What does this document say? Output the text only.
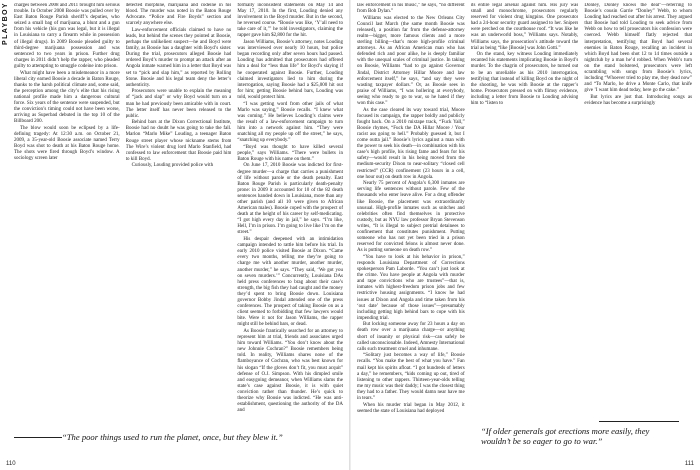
PLAYBOY charges between 2008 and 2011 brought him serious trouble. In October 2008 Boosie was pulled over by East Baton Rouge Parish sheriff’s deputies, who seized a small bag of marijuana, a blunt and a gun from his vehicle (his gun was legal, but it is illegal in Louisiana to carry a firearm while in possession of illegal drugs). In 2009 Boosie pleaded guilty to third-degree marijuana possession and was sentenced to two years in prison. Further drug charges in 2011 didn’t help the rapper, who pleaded guilty to attempting to smuggle codeine into prison.

What might have been a misdemeanor in a more liberal city earned Boosie a decade in Baton Rouge, thanks to the harsh political climate and, some said, the perception among the city’s elite that his rising national profile made him a dangerous cultural force. Six years of the sentence were suspended, but the conviction’s timing could not have been worse, arriving as Superbad debuted in the top 10 of the Billboard 200.

The blow would soon be eclipsed by a life-defining tragedy: At 12:30 a.m. on October 21, 2009, a 35-year-old Boosie associate named Terry Boyd was shot to death at his Baton Rouge home. The shots were fired through Boyd’s window. A sociology screen later

detected morphine, marijuana and codeine in his blood. The murder was noted in the Baton Rouge Advocate. “Police and Fire Boyds” section and scarcely anywhere else.

Law-enforcement officials claimed to have no leads, but behind the scenes they pointed at Boosie, perhaps the unlikeliest suspect—he and Boyd were family, as Boosie has a daughter with Boyd’s sister. During the trial, prosecutors alleged Boosie had ordered Boyd’s murder to prompt an attack after an Angola inmate warned him in a letter that Boyd was set to “pick and slap him,” as reported by Rolling Stone. Boosie and his legal team deny the letter’s authenticity.

Prosecutors were unable to explain the meaning of “jack and slap” or why Boyd would turn on a man he had previously been amicable with in court. The letter itself has never been released to the public.

Behind bars at the Dixon Correctional Institute, Boosie had no doubt he was going to take the fall. Marlon “Marlo Mike” Louding, a teenager Baton Rouge street player whose nickname stems from The Wire’s violent drug lord Marlo Stanfield, had confessed to law enforcement that Boosie paid him to kill Boyd.

Curiously, Louding provided police with

formally inconsistent statements on May 14 and May 17, 2010. In the first, Louding denied any involvement in the Boyd murder. But in the second, he reversed course. “Boosie was like, ‘Y’all need to take care of it,’” he told investigators, claiming the rapper gave him $2,800 for the hit.

Jason Williams, Boosie’s attorney, notes Louding was interviewed over nearly 10 hours, but police began recording only after seven hours had passed. Louding has admitted that prosecutors had offered him a deal for “less than life” for Boyd’s slaying if he cooperated against Boosie. Further, Louding claimed investigators lied to him during the interrogation, saying Boosie had a $25,000 hit out for him; getting Boosie behind bars, Louding was told, would protect him.

“I was getting word from other jails of what Marlo was saying,” Boosie recalls. “I knew what was coming.” He believes Louding’s claims were the result of a law-enforcement campaign to turn him into a network against him. “They were snatching all my people up off the street,” he says, “snatching up everybody.”

“Boyd was thought to have killed several people,” says Williams. “There were bullets in Baton Rouge with his name on them.”

On June 17, 2010 Boosie was indicted for first-degree murder—a charge that carries a punishment of life without parole or the death penalty. East Baton Rouge Parish is particularly death-penalty prone: in 2009 it accounted for 10 of the 82 death sentences handed down in Louisiana, more than any other parish (and all 10 were given to African American males). Boosie coped with the prospect of death at the height of his career by self-medicating. “I got high every day in jail,” he says. “I’m like, Hell, I’m in prison. I’m going to live like I’m on the street.”

His despair deepened with an intimidation campaign intended to rattle him before his trial. In early 2010 police visited Boosie at Dixon. “Came every two months, telling me they’re going to charge me with another murder, another murder, another murder,” he says. “They said, ‘We got you on seven murders.’” Concurrently, Louisiana DAs held press conferences to brag about their case’s strength, the big fish they had caught and the money they’d spent to bring Boosie down. Louisiana governor Bobby Jindal attended one of the press conferences. The prospect of taking Boosie on as a client seemed to forbidding that few lawyers would bite. Were it not for Jason Williams, the rapper might still be behind bars, or dead.

As Boosie frantically searched for an attorney to represent him at trial, friends and associates urged him toward Williams. “You don’t know about the new Johnnie Cochran?” Boosie remembers being told. In reality, Williams shares none of the flamboyance of Cochran, who was best known for his slogan “If the gloves don’t fit, you must acquit” defense of O.J. Simpson. With his dimpled smile and easygoing demeanor, when Williams slams the state’s case against Boosie, it is with quiet conviction rather than thunder. He’s quick to theorize why Boosie was indicted. “He was anti-establishment, questioning the authority of the DA and

“The poor things used to run the planet, once, but they blew it.”
110

law enforcement in his music,” he says, “no different from Bob Dylan.”

Williams was elected to the New Orleans City Council last March (the same month Boosie was released), a position far from the defense-attorney realm—bigger, more famous clients and a more sterling billing—that’s more high-profile criminal attorneys. As an African American man who has defended rich and poor alike, he is deeply familiar with the unequal scales of criminal justice. In taking on Boosie, Williams “had to go against Governor Jindal, District Attorney Hillar Moore and law enforcement itself,” he says, “and say they were wasting taxpayer dollars.” Or, as Boosie sees in praise of Williams, “I was hollering at everybody, seeing who ready to go to war, so he hated if they won this case.”

As the case cleared its way toward trial, Moore focused its campaign, the rapper boldly and publicly fought back. On a 2010 mixtape track, “Fuck Yall,” Boosie rhymes, “Fuck the DA Hillar Moore / Your racist ass going to hell.” Probably guessed it, but I come outta jail.” Boosie’s lyrics against a man with the power to seek his death—in combination with his case’s high profile, his rising fame and fears for his safety—would result in his being moved from the medium-security Dixon to near-solitary “closed cell restricted” (CCR) confinement (23 hours in a cell, one hour out) on death row in Angola.

Nearly 75 percent of Angola’s 6,300 inmates are serving life sentences without parole. Few of the thousands who enter leave alive. For a drug offender like Boosie, the placement was extraordinarily unusual. High-profile inmates such as snitches and celebrities often find themselves in protective custody, but as NYU law professor Bryan Stevenson writes, “It is illegal to subject pretrial detainees to confinement that constitutes punishment. Putting someone who has not yet been tried in a prison reserved for convicted felons is almost never done. As is putting someone on death row.”

“You have to look at his behavior in prison,” responds Louisiana Department of Corrections spokesperson Pam Laborde. “You can’t just look at the crime. You have people at Angola with murder and rape convictions who are trustees”—that is, inmates with highest-freedom prison jobs and few restrictive housing assignments. “I know he had issues at Dixon and Angola and time taken from his ‘out date’ because of those issues”—presumably including getting high behind bars to cope with his impending trial.

But locking someone away for 23 hours a day on death row over a marijuana charge—or anything short of insanity or physical risk—can safely be called unconscionable. Indeed, Amnesty International calls such treatment cruel and inhumane.

“Solitary just becomes a way of life,” Boosie recalls. “You make the best of what you have.” Fan mail kept his spirits afloat. “I got hundreds of letters a day,” he remembers, “kids coming up out, tired of listening to other rappers. Thirteen-year-olds telling me my music was their daddy; I was the closest thing they had to a father. They would damn near have me in tears.”

When his murder trial began in May 2012, it seemed the state of Louisiana had deployed

its entire legal arsenal against him. His jury was small and monochrome, prosecutors regularly reserved for violent drug kingpins. One prosecutor had a 24-hour security guard assigned to her. Snipers were perched on the courthouse roof. “It was like he was an underworld boss,” Williams says. Notably, Williams says, the prosecution’s attitude toward the trial as being “like [Boosie] was John Gotti.”

On the stand, key witness Louding immediately recanted his statements implicating Boosie in Boyd’s murder. To the chagrin of prosecutors, he turned out to be an unreliable as his 2010 interrogation, testifying that instead of killing Boyd on the night of the shooting, he was with Boosie at the rapper’s home. Prosecutors pressed on with flimsy evidence, including a letter from Boosie to Louding advising him to “listen to

Donley, Donley knows the deal”—referring to Boosie’s cousin Garrie “Donley” Webb, to whom Louding had reached out after his arrest. They argued that Boosie had told Louding to seek advice from Webb on how to tell prosecutors his confession were coerced. Webb himself flatly rejected that interpretation, testifying that Boyd had several enemies in Baton Rouge, recalling an incident in which Boyd had been shot 12 to 14 times outside a nightclub by a man he’d robbed. When Webb’s turn on the stand bolstered, prosecutors were left scrambling with songs from Boosie’s lyrics, including “Whoever tried to play me, they dead now” and “To Marlo, he drive a Monte Carlo, that knife give ’I want him dead today, here go the cake.”

But lyrics are just that. Introducing songs as evidence has become a surprisingly

“If older generals got erections more easily, they wouldn’t be so eager to go to war.”
111
